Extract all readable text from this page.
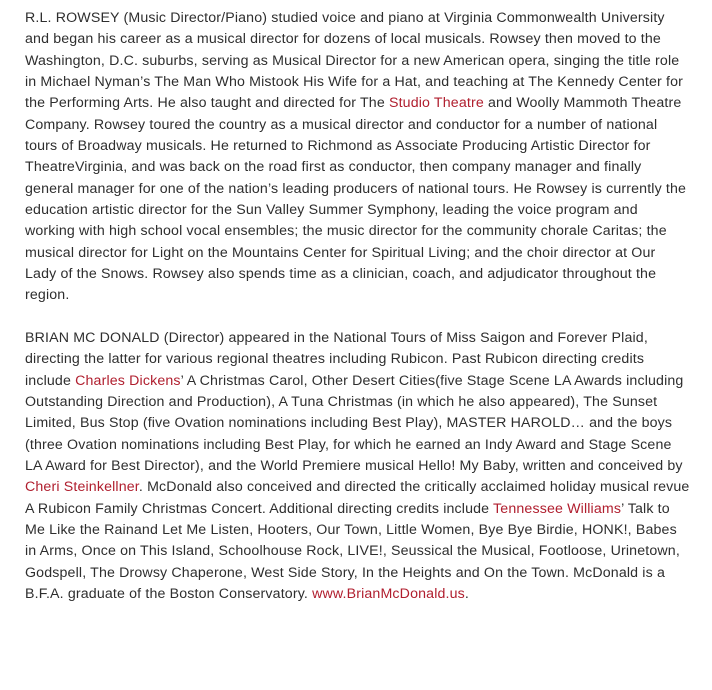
R.L. ROWSEY (Music Director/Piano) studied voice and piano at Virginia Commonwealth University and began his career as a musical director for dozens of local musicals. Rowsey then moved to the Washington, D.C. suburbs, serving as Musical Director for a new American opera, singing the title role in Michael Nyman’s The Man Who Mistook His Wife for a Hat, and teaching at The Kennedy Center for the Performing Arts. He also taught and directed for The Studio Theatre and Woolly Mammoth Theatre Company. Rowsey toured the country as a musical director and conductor for a number of national tours of Broadway musicals. He returned to Richmond as Associate Producing Artistic Director for TheatreVirginia, and was back on the road first as conductor, then company manager and finally general manager for one of the nation’s leading producers of national tours. He Rowsey is currently the education artistic director for the Sun Valley Summer Symphony, leading the voice program and working with high school vocal ensembles; the music director for the community chorale Caritas; the musical director for Light on the Mountains Center for Spiritual Living; and the choir director at Our Lady of the Snows. Rowsey also spends time as a clinician, coach, and adjudicator throughout the region.

BRIAN MC DONALD (Director) appeared in the National Tours of Miss Saigon and Forever Plaid, directing the latter for various regional theatres including Rubicon. Past Rubicon directing credits include Charles Dickens’ A Christmas Carol, Other Desert Cities(five Stage Scene LA Awards including Outstanding Direction and Production), A Tuna Christmas (in which he also appeared), The Sunset Limited, Bus Stop (five Ovation nominations including Best Play), MASTER HAROLD… and the boys (three Ovation nominations including Best Play, for which he earned an Indy Award and Stage Scene LA Award for Best Director), and the World Premiere musical Hello! My Baby, written and conceived by Cheri Steinkellner. McDonald also conceived and directed the critically acclaimed holiday musical revue A Rubicon Family Christmas Concert. Additional directing credits include Tennessee Williams’ Talk to Me Like the Rainand Let Me Listen, Hooters, Our Town, Little Women, Bye Bye Birdie, HONK!, Babes in Arms, Once on This Island, Schoolhouse Rock, LIVE!, Seussical the Musical, Footloose, Urinetown, Godspell, The Drowsy Chaperone, West Side Story, In the Heights and On the Town. McDonald is a B.F.A. graduate of the Boston Conservatory. www.BrianMcDonald.us.
